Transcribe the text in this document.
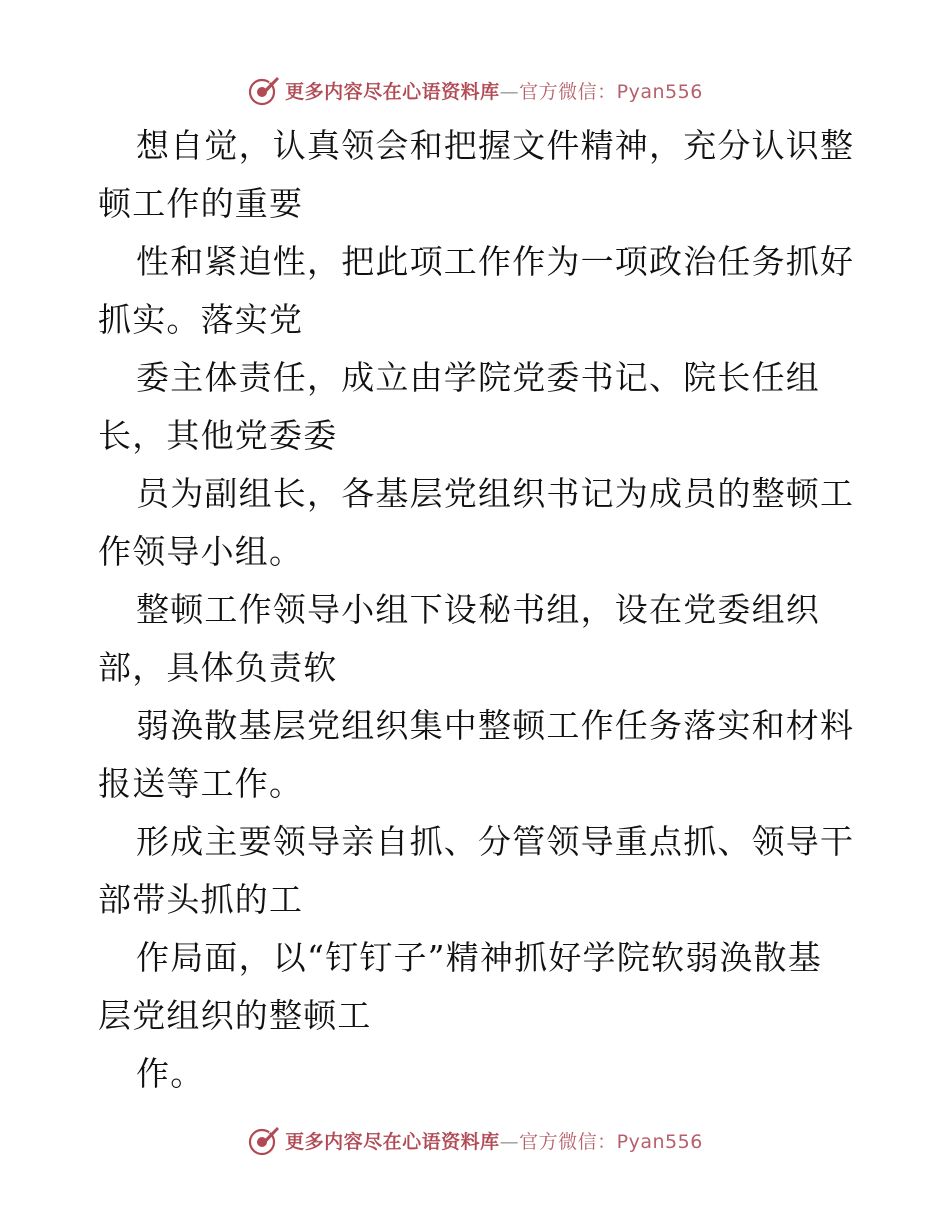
更多内容尽在心语资料库—官方微信：Pyan556

想自觉，认真领会和把握文件精神，充分认识整

顿工作的重要

性和紧迫性，把此项工作作为一项政治任务抓好

抓实。落实党

委主体责任，成立由学院党委书记、院长任组

长，其他党委委

员为副组长，各基层党组织书记为成员的整顿工

作领导小组。

整顿工作领导小组下设秘书组，设在党委组织

部，具体负责软

弱涣散基层党组织集中整顿工作任务落实和材料

报送等工作。

形成主要领导亲自抓、分管领导重点抓、领导干

部带头抓的工

作局面，以“钉钉子”精神抓好学院软弱涣散基

层党组织的整顿工

作。

更多内容尽在心语资料库—官方微信：Pyan556
